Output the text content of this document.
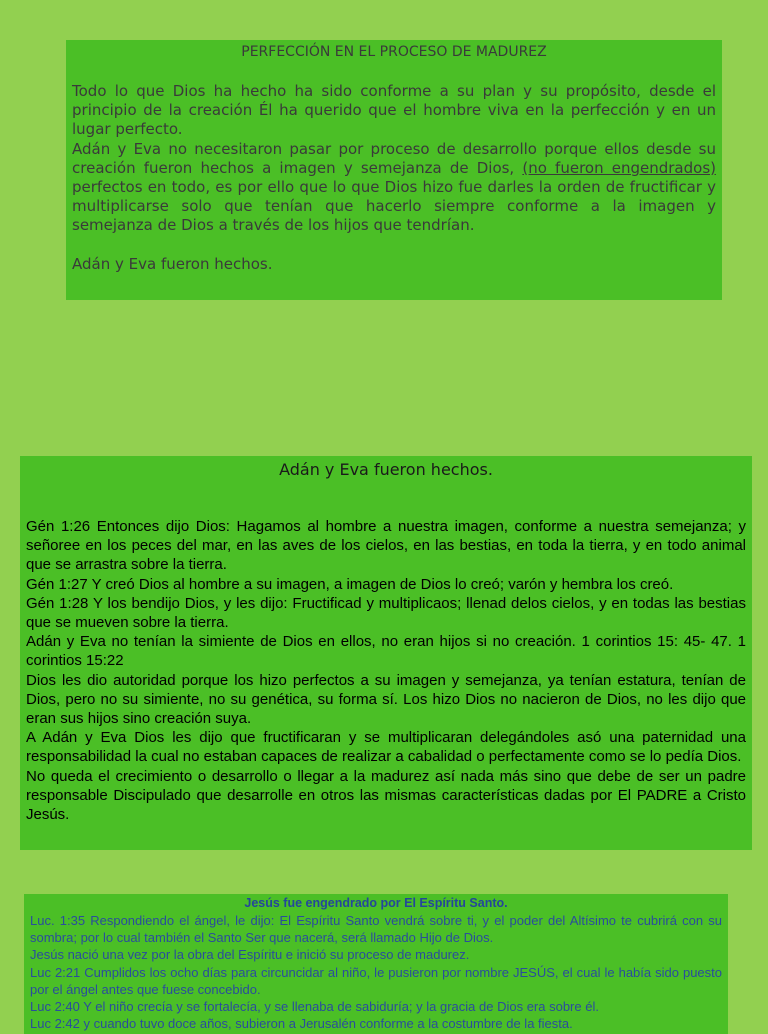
PERFECCIÓN EN EL PROCESO DE MADUREZ

Todo lo que Dios ha hecho ha sido conforme a su plan y su propósito, desde el principio de la creación Él ha querido que el hombre viva en la perfección y en un lugar perfecto.

Adán y Eva no necesitaron pasar por proceso de desarrollo porque ellos desde su creación fueron hechos a imagen y semejanza de Dios, (no fueron engendrados) perfectos en todo, es por ello que lo que Dios hizo fue darles la orden de fructificar y multiplicarse solo que tenían que hacerlo siempre conforme a la imagen y semejanza de Dios a través de los hijos que tendrían.

Adán y Eva fueron hechos.

Adán y Eva fueron hechos.

Gén 1:26 Entonces dijo Dios: Hagamos al hombre a nuestra imagen, conforme a nuestra semejanza; y señoree en los peces del mar, en las aves de los cielos, en las bestias, en toda la tierra, y en todo animal que se arrastra sobre la tierra.

Gén 1:27 Y creó Dios al hombre a su imagen, a imagen de Dios lo creó; varón y hembra los creó.

Gén 1:28 Y los bendijo Dios, y les dijo: Fructificad y multiplicaos; llenad delos cielos, y en todas las bestias que se mueven sobre la tierra.

Adán y Eva no tenían la simiente de Dios en ellos, no eran hijos si no creación. 1 corintios 15: 45- 47. 1 corintios 15:22

Dios les dio autoridad porque los hizo perfectos a su imagen y semejanza, ya tenían estatura, tenían de Dios, pero no su simiente, no su genética, su forma sí. Los hizo Dios no nacieron de Dios, no les dijo que eran sus hijos sino creación suya.

A Adán y Eva Dios les dijo que fructificaran y se multiplicaran delegándoles asó una paternidad una responsabilidad la cual no estaban capaces de realizar a cabalidad o perfectamente como se lo pedía Dios.

No queda el crecimiento o desarrollo o llegar a la madurez así nada más sino que debe de ser un padre responsable Discipulado que desarrolle en otros las mismas características dadas por El PADRE a Cristo Jesús.

Jesús fue engendrado por El Espíritu Santo.

Luc. 1:35 Respondiendo el ángel, le dijo: El Espíritu Santo vendrá sobre ti, y el poder del Altísimo te cubrirá con su sombra; por lo cual también el Santo Ser que nacerá, será llamado Hijo de Dios.

Jesús nació una vez por la obra del Espíritu e inició su proceso de madurez.

Luc 2:21 Cumplidos los ocho días para circuncidar al niño, le pusieron por nombre JESÚS, el cual le había sido puesto por el ángel antes que fuese concebido.

Luc 2:40 Y el niño crecía y se fortalecía, y se llenaba de sabiduría; y la gracia de Dios era sobre él.

Luc 2:42 y cuando tuvo doce años, subieron a Jerusalén conforme a la costumbre de la fiesta.
